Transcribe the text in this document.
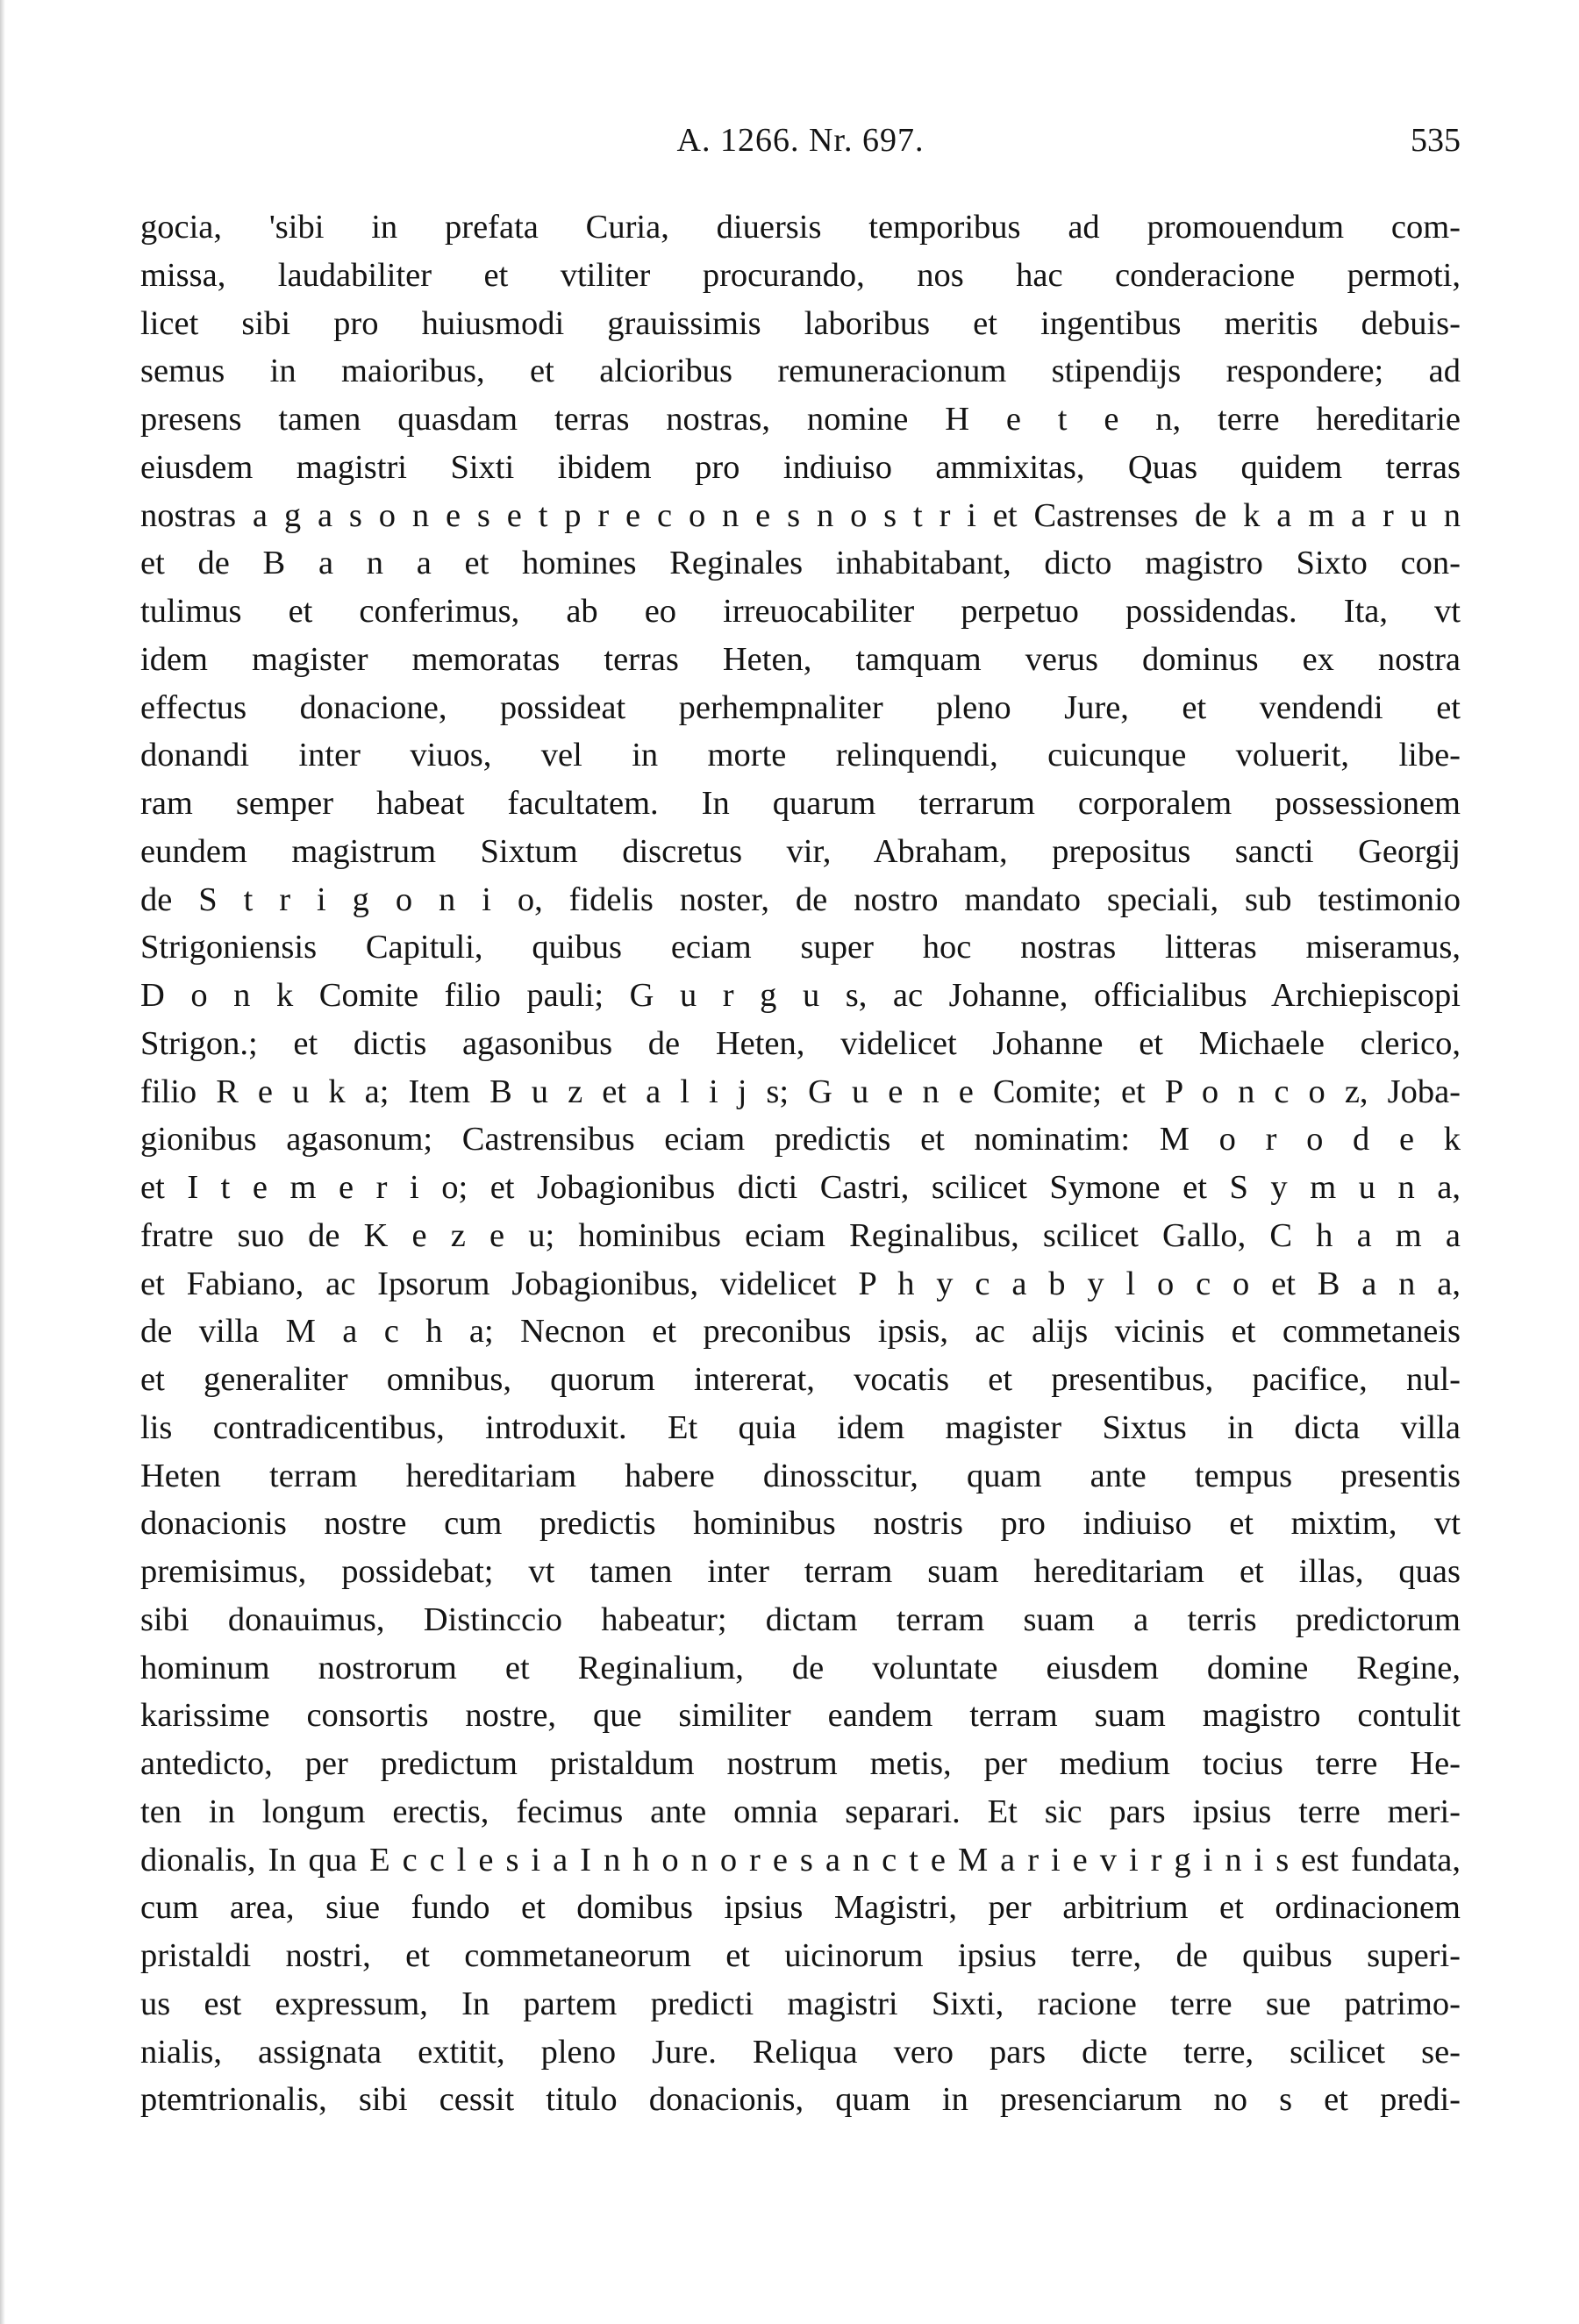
A. 1266. Nr. 697.	535
gocia, 'sibi in prefata Curia, diuersis temporibus ad promouendum com-
missa, laudabiliter et vtiliter procurando, nos hac conderacione permoti,
licet sibi pro huiusmodi grauissimis laboribus et ingentibus meritis debuis-
semus in maioribus, et alcioribus remuneracionum stipendijs respondere; ad
presens tamen quasdam terras nostras, nomine H e t e n, terre hereditarie
eiusdem magistri Sixti ibidem pro indiuiso ammixitas, Quas quidem terras
nostras a g a s o n e s e t p r e c o n e s n o s t r i et Castrenses de k a m a r u n
et de B a n a et homines Reginales inhabitabant, dicto magistro Sixto con-
tulimus et conferimus, ab eo irreuocabiliter perpetuo possidendas. Ita, vt
idem magister memoratas terras Heten, tamquam verus dominus ex nostra
effectus donacione, possideat perhempnaliter pleno Jure, et vendendi et
donandi inter viuos, vel in morte relinquendi, cuicunque voluerit, libe-
ram semper habeat facultatem. In quarum terrarum corporalem possessionem
eundem magistrum Sixtum discretus vir, Abraham, prepositus sancti Georgij
de S t r i g o n i o, fidelis noster, de nostro mandato speciali, sub testimonio
Strigoniensis Capituli, quibus eciam super hoc nostras litteras miseramus,
D o n k Comite filio pauli; G u r g u s, ac Johanne, officialibus Archiepiscopi
Strigon.; et dictis agasonibus de Heten, videlicet Johanne et Michaele clerico,
filio R e u k a; Item B u z et a l i j s; G u e n e Comite; et P o n c o z, Joba-
gionibus agasonum; Castrensibus eciam predictis et nominatim: M o r o d e k
et I t e m e r i o; et Jobagionibus dicti Castri, scilicet Symone et S y m u n a,
fratre suo de K e z e u; hominibus eciam Reginalibus, scilicet Gallo, C h a m a
et Fabiano, ac Ipsorum Jobagionibus, videlicet P h y c a b y l o c o et B a n a,
de villa M a c h a; Necnon et preconibus ipsis, ac alijs vicinis et commetaneis
et generaliter omnibus, quorum intererat, vocatis et presentibus, pacifice, nul-
lis contradicentibus, introduxit. Et quia idem magister Sixtus in dicta villa
Heten terram hereditariam habere dinosscitur, quam ante tempus presentis
donacionis nostre cum predictis hominibus nostris pro indiuiso et mixtim, vt
premisimus, possidebat; vt tamen inter terram suam hereditariam et illas, quas
sibi donauimus, Distinccio habeatur; dictam terram suam a terris predictorum
hominum nostrorum et Reginalium, de voluntate eiusdem domine Regine,
karissime consortis nostre, que similiter eandem terram suam magistro contulit
antedicto, per predictum pristaldum nostrum metis, per medium tocius terre He-
ten in longum erectis, fecimus ante omnia separari. Et sic pars ipsius terre meri-
dionalis, In qua E c c l e s i a I n h o n o r e s a n c t e M a r i e v i r g i n i s est fundata,
cum area, siue fundo et domibus ipsius Magistri, per arbitrium et ordinacionem
pristaldi nostri, et commetaneorum et uicinorum ipsius terre, de quibus superi-
us est expressum, In partem predicti magistri Sixti, racione terre sue patrimo-
nialis, assignata extitit, pleno Jure. Reliqua vero pars dicte terre, scilicet se-
ptemtrionalis, sibi cessit titulo donacionis, quam in presenciarum no s et predi-
